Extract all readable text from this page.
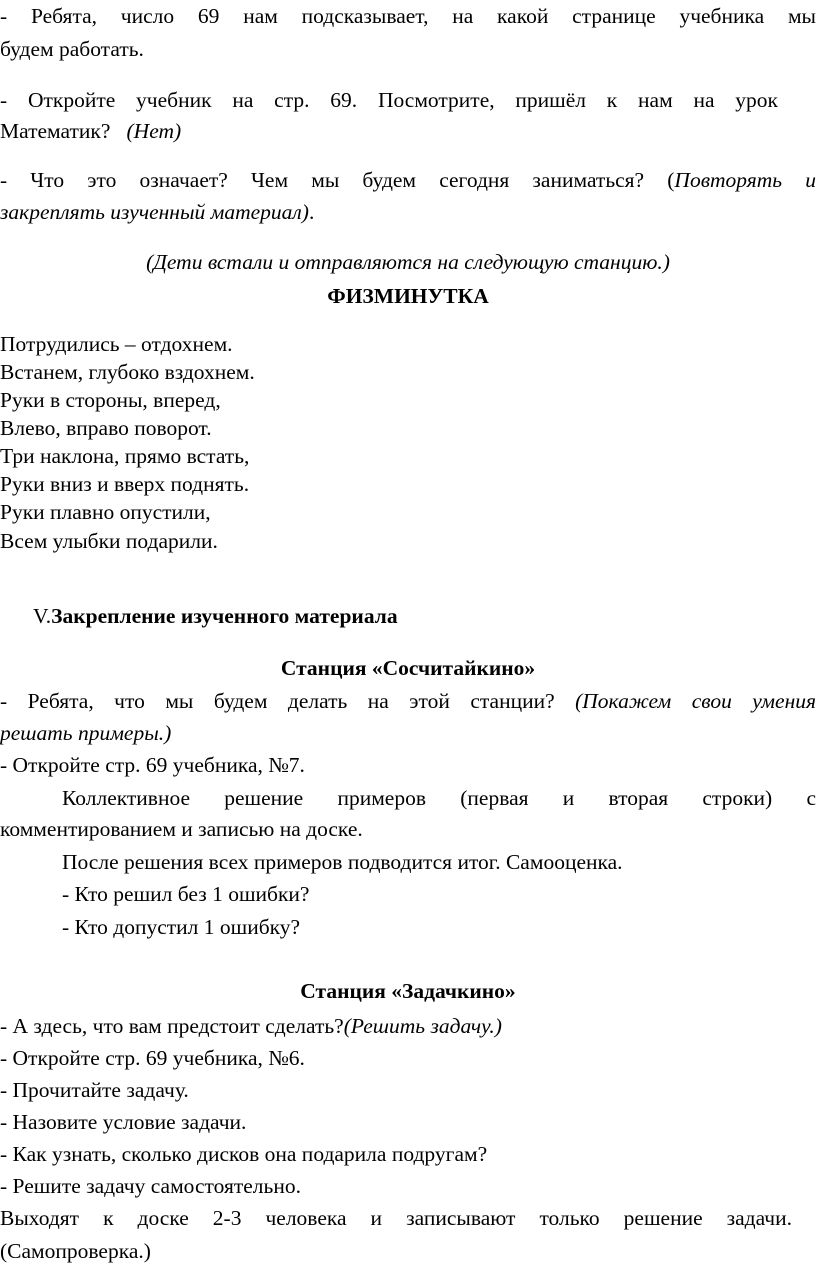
- Ребята, число 69 нам подсказывает, на какой странице учебника мы
будем работать.
- Откройте учебник на стр. 69. Посмотрите, пришёл к нам на урок
Математик? (Нет)
- Что это означает? Чем мы будем сегодня заниматься? (Повторять и
закреплять изученный материал).
(Дети встали и отправляются на следующую станцию.)
ФИЗМИНУТКА
Потрудились – отдохнем.
Встанем, глубоко вздохнем.
Руки в стороны, вперед,
Влево, вправо поворот.
Три наклона, прямо встать,
Руки вниз и вверх поднять.
Руки плавно опустили,
Всем улыбки подарили.
V.Закрепление изученного материала
Станция «Сосчитайкино»
- Ребята, что мы будем делать на этой станции? (Покажем свои умения
решать примеры.)
- Откройте стр. 69 учебника, №7.
Коллективное решение примеров (первая и вторая строки) с
комментированием и записью на доске.
После решения всех примеров подводится итог. Самооценка.
- Кто решил без 1 ошибки?
- Кто допустил 1 ошибку?
Станция «Задачкино»
- А здесь, что вам предстоит сделать?(Решить задачу.)
- Откройте стр. 69 учебника, №6.
- Прочитайте задачу.
- Назовите условие задачи.
- Как узнать, сколько дисков она подарила подругам?
- Решите задачу самостоятельно.
Выходят к доске 2-3 человека и записывают только решение задачи.
(Самопроверка.)
